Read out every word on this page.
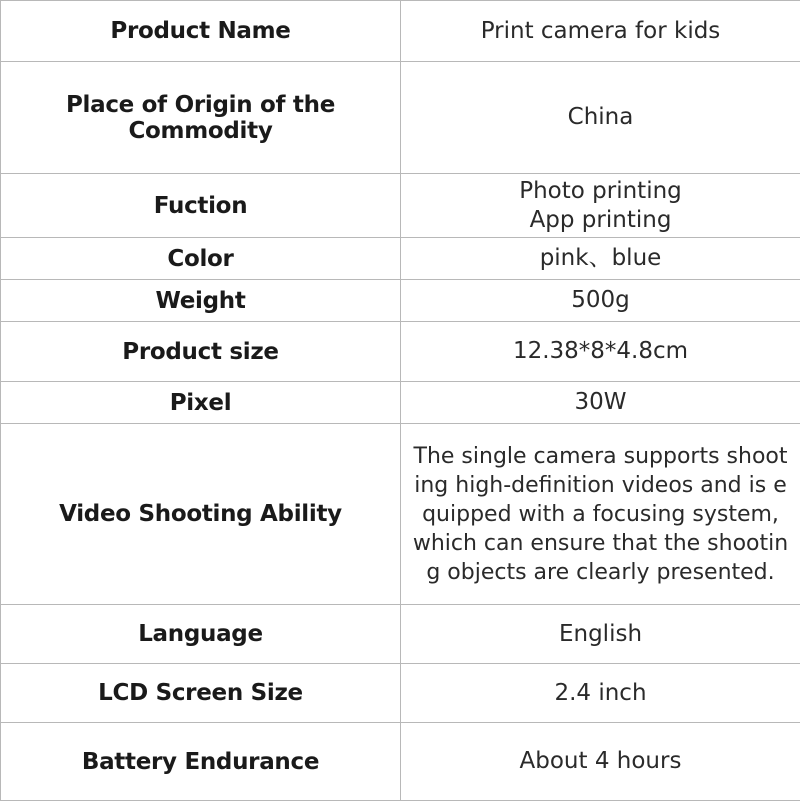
Product Name	Print camera for kids

Place of Origin of the Commodity	China

Fuction	Photo printing
App printing

Color	pink、blue

Weight	500g

Product size	12.38*8*4.8cm

Pixel	30W

Video Shooting Ability	The single camera supports shoot
ing high-definition videos and is e
quipped with a focusing system,
which can ensure that the shootin
g objects are clearly presented.

Language	English

LCD Screen Size	2.4 inch

Battery Endurance	About 4 hours
